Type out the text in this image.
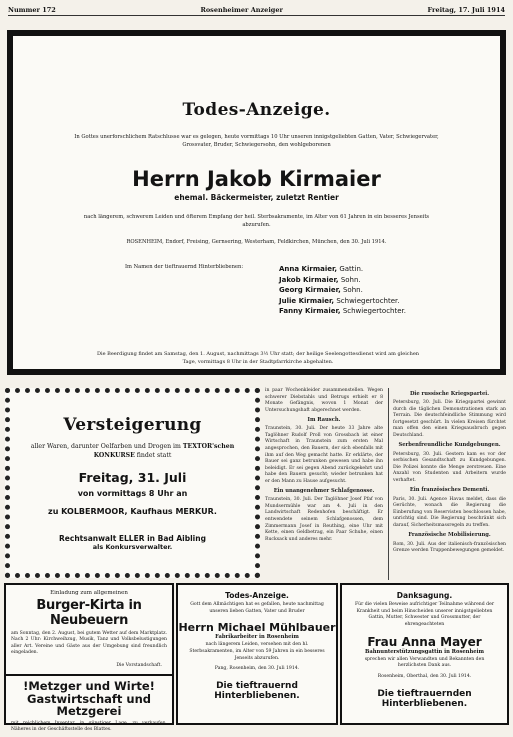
Nummer 172	Rosenheimer Anzeiger	Freitag, 17. Juli 1914
Todes-Anzeige.
In Gottes unerforschlichem Ratschlusse war es gelegen, heute vormittags 10 Uhr unseren innigstgeliebten Gatten, Vater, Schwiegervater, Grossvater, Bruder, Schwiegersohn, den wohlgeborenen
Herrn Jakob Kirmaier
ehemal. Bäckermeister, zuletzt Rentier
nach längerem, schwerem Leiden und öfterem Empfang der heil. Sterbsakramente, im Alter von 61 Jahren in ein besseres Jenseits abzurufen.
ROSENHEIM, Endorf, Freising, Gernsering, Westerham, Feldkirchen, München, den 30. Juli 1914.
Im Namen der tieftrauernd Hinterbliebenen:	Anna Kirmaier, Gattin.
Jakob Kirmaier, Sohn.
Georg Kirmaier, Sohn.
Julie Kirmaier, Schwiegertochter.
Fanny Kirmaier, Schwiegertochter.
Die Beerdigung findet am Samstag, den 1. August, nachmittags 3½ Uhr statt; der heilige Seelengottesdienst wird am gleichen Tage, vormittags 8 Uhr in der Stadtpfarrkirche abgehalten.
Versteigerung
aller Waren, darunter Oelfarben und Drogen im TEXTOR'schen KONKURSE findet statt
Freitag, 31. Juli
von vormittags 8 Uhr an
zu KOLBERMOOR, Kaufhaus MERKUR.
Rechtsanwalt ELLER in Bad Aibling
als Konkursverwalter.

in paar Wochenkleider zusammenstellen. Wegen schwerer Diebstahls und Betrugs erhielt er 8 Monate Gefängnis, wovon 1 Monat der Untersuchungshaft abgerechnet werden.

Im Rausch.

Traunstein, 30. Juli. Der heute 33 Jahre alte Taglöhner Rudolf Proll von Grossbach ist einer Wirtschaft in Traunstein zum ersten Mal angesprochen, den Bauern, der sich ebenfalls mit ihm auf den Weg gemacht hatte. Er erklärte, der Bauer sei ganz betrunken gewesen und habe ihn beleidigt. Er sei gegen Abend zurückgekehrt und habe den Bauern gesucht; wieder betrunken hat er den Mann zu Hause aufgesucht.

Ein unangenehmer Schlafgenosse.

Traunstein, 30. Juli. Der Taglöhner Josef Pfaf von Mundsermühle war am 4. Juli in den Landwirtschaft Redenhofen beschäftigt. Er entwendete seinem Schlafgenossen, dem Zimmermann Josef in Reuthing, eine Uhr mit Kette, einen Geldbetrag, ein Paar Schuhe, einen Rucksack und anderes mehr.

Die russische Kriegspartei.

Petersburg, 30. Juli. Die Kriegspartei gewinnt durch die täglichen Demonstrationen stark an Terrain. Die deutschfeindliche Stimmung wird fortgesetzt geschürt. In vielen Kreisen fürchtet man offen den einen Kriegsausbruch gegen Deutschland.

Serbenfreundliche Kundgebungen.

Petersburg, 30. Juli. Gestern kam es vor der serbischen Gesandtschaft zu Kundgebungen. Die Polizei konnte die Menge zerstreuen. Eine Anzahl von Studenten und Arbeitern wurde verhaftet.

Ein französisches Dementi.

Paris, 30. Juli. Agence Havas meldet, dass die Gerüchte, wonach die Regierung die Einberufung von Reservisten beschlossen habe, unrichtig sind. Die Regierung beschränkt sich darauf, Sicherheitsmassregeln zu treffen.

Französische Mobilisierung.

Rom, 30. Juli. Aus der italienisch-französischen Grenze werden Truppenbewegungen gemeldet.

Einladung zum allgemeinen
Burger-Kirta in Neubeuern
am Sonntag, den 2. August, bei gutem Wetter auf dem Marktplatz. Nach 2 Uhr: Kirchweihzug, Musik, Tanz und Volksbelustigungen aller Art. Vereine und Gäste aus der Umgebung sind freundlich eingeladen.
Die Vorstandschaft.
!Metzger und Wirte! Gastwirtschaft und Metzgerei
mit reichlichem Inventar, in günstiger Lage, zu verkaufen. Näheres in der Geschäftsstelle des Blattes.
Todes-Anzeige.
Gott dem Allmächtigen hat es gefallen, heute nachmittag unseren lieben Gatten, Vater und Bruder
Herrn Michael Mühlbauer
Fabrikarbeiter in Rosenheim
nach längerem Leiden, versehen mit den hl. Sterbsakramenten, im Alter von 59 Jahren in ein besseres Jenseits abzurufen.
Pang, Rosenheim, den 30. Juli 1914.
Die tieftrauernd Hinterbliebenen.
Danksagung.
Für die vielen Beweise aufrichtiger Teilnahme während der Krankheit und beim Hinscheiden unserer innigstgeliebten Gattin, Mutter, Schwester und Grossmutter, der ehrengeachteten
Frau Anna Mayer
Bahnunterstützungsgattin in Rosenheim
sprechen wir allen Verwandten und Bekannten den herzlichsten Dank aus.
Rosenheim, Oberthal, den 30. Juli 1914.
Die tieftrauernden Hinterbliebenen.
